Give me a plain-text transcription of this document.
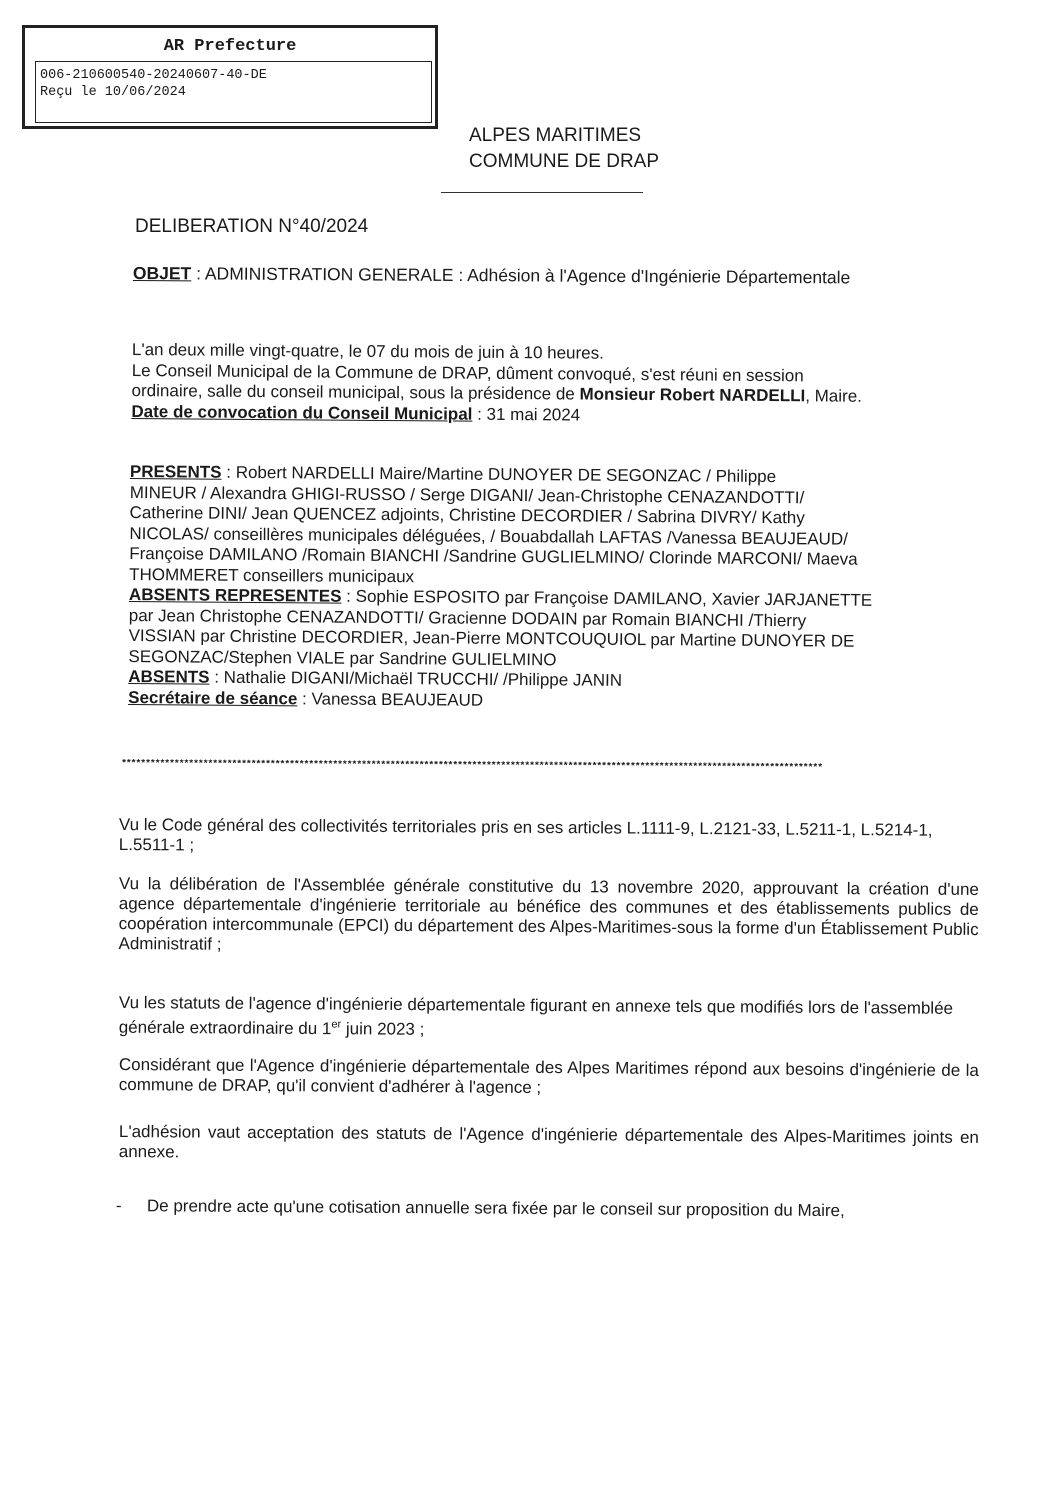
AR Prefecture
006-210600540-20240607-40-DE
Reçu le 10/06/2024
ALPES MARITIMES
COMMUNE DE DRAP
DELIBERATION N°40/2024
OBJET : ADMINISTRATION GENERALE : Adhésion à l'Agence d'Ingénierie Départementale

L'an deux mille vingt-quatre, le 07 du mois de juin à 10 heures.

Le Conseil Municipal de la Commune de DRAP, dûment convoqué, s'est réuni en session

ordinaire, salle du conseil municipal, sous la présidence de Monsieur Robert NARDELLI, Maire.

Date de convocation du Conseil Municipal : 31 mai 2024

PRESENTS : Robert NARDELLI Maire/Martine DUNOYER DE SEGONZAC / Philippe

MINEUR / Alexandra GHIGI-RUSSO / Serge DIGANI/ Jean-Christophe CENAZANDOTTI/

Catherine DINI/ Jean QUENCEZ adjoints, Christine DECORDIER / Sabrina DIVRY/ Kathy

NICOLAS/ conseillères municipales déléguées, / Bouabdallah LAFTAS /Vanessa BEAUJEAUD/

Françoise DAMILANO /Romain BIANCHI /Sandrine GUGLIELMINO/ Clorinde MARCONI/ Maeva

THOMMERET conseillers municipaux

ABSENTS REPRESENTES : Sophie ESPOSITO par Françoise DAMILANO, Xavier JARJANETTE

par Jean Christophe CENAZANDOTTI/ Gracienne DODAIN par Romain BIANCHI /Thierry

VISSIAN par Christine DECORDIER, Jean-Pierre MONTCOUQUIOL par Martine DUNOYER DE

SEGONZAC/Stephen VIALE par Sandrine GULIELMINO

ABSENTS : Nathalie DIGANI/Michaël TRUCCHI/ /Philippe JANIN

Secrétaire de séance : Vanessa BEAUJEAUD

**************************************************************************************************************************************************

Vu le Code général des collectivités territoriales pris en ses articles L.1111-9, L.2121-33, L.5211-1, L.5214-1, L.5511-1 ;

Vu la délibération de l'Assemblée générale constitutive du 13 novembre 2020, approuvant la création d'une agence départementale d'ingénierie territoriale au bénéfice des communes et des établissements publics de coopération intercommunale (EPCI) du département des Alpes-Maritimes-sous la forme d'un Établissement Public Administratif ;

Vu les statuts de l'agence d'ingénierie départementale figurant en annexe tels que modifiés lors de l'assemblée générale extraordinaire du 1er juin 2023 ;

Considérant que l'Agence d'ingénierie départementale des Alpes Maritimes répond aux besoins d'ingénierie de la commune de DRAP, qu'il convient d'adhérer à l'agence ;

L'adhésion vaut acceptation des statuts de l'Agence d'ingénierie départementale des Alpes-Maritimes joints en annexe.

- De prendre acte qu'une cotisation annuelle sera fixée par le conseil sur proposition du Maire,
